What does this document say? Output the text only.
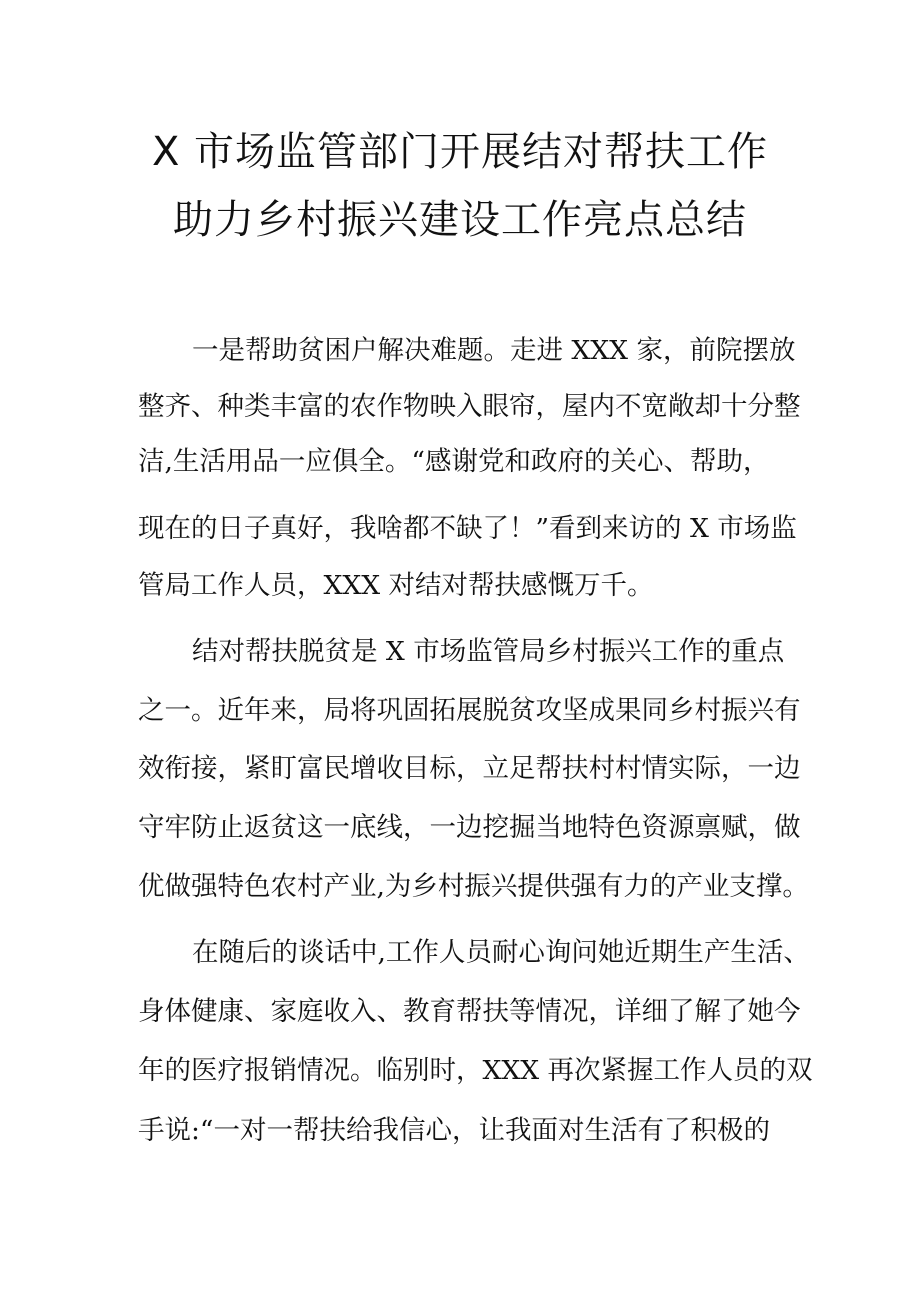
X 市场监管部门开展结对帮扶工作
助力乡村振兴建设工作亮点总结

一是帮助贫困户解决难题。走进 XXX 家，前院摆放

整齐、种类丰富的农作物映入眼帘，屋内不宽敞却十分整

洁,生活用品一应俱全。“感谢党和政府的关心、帮助，

现在的日子真好，我啥都不缺了！”看到来访的 X 市场监

管局工作人员，XXX 对结对帮扶感慨万千。

结对帮扶脱贫是 X 市场监管局乡村振兴工作的重点

之一。近年来，局将巩固拓展脱贫攻坚成果同乡村振兴有

效衔接，紧盯富民增收目标，立足帮扶村村情实际，一边

守牢防止返贫这一底线，一边挖掘当地特色资源禀赋，做

优做强特色农村产业,为乡村振兴提供强有力的产业支撑。

在随后的谈话中,工作人员耐心询问她近期生产生活、

身体健康、家庭收入、教育帮扶等情况，详细了解了她今

年的医疗报销情况。临别时，XXX 再次紧握工作人员的双

手说:“一对一帮扶给我信心，让我面对生活有了积极的
